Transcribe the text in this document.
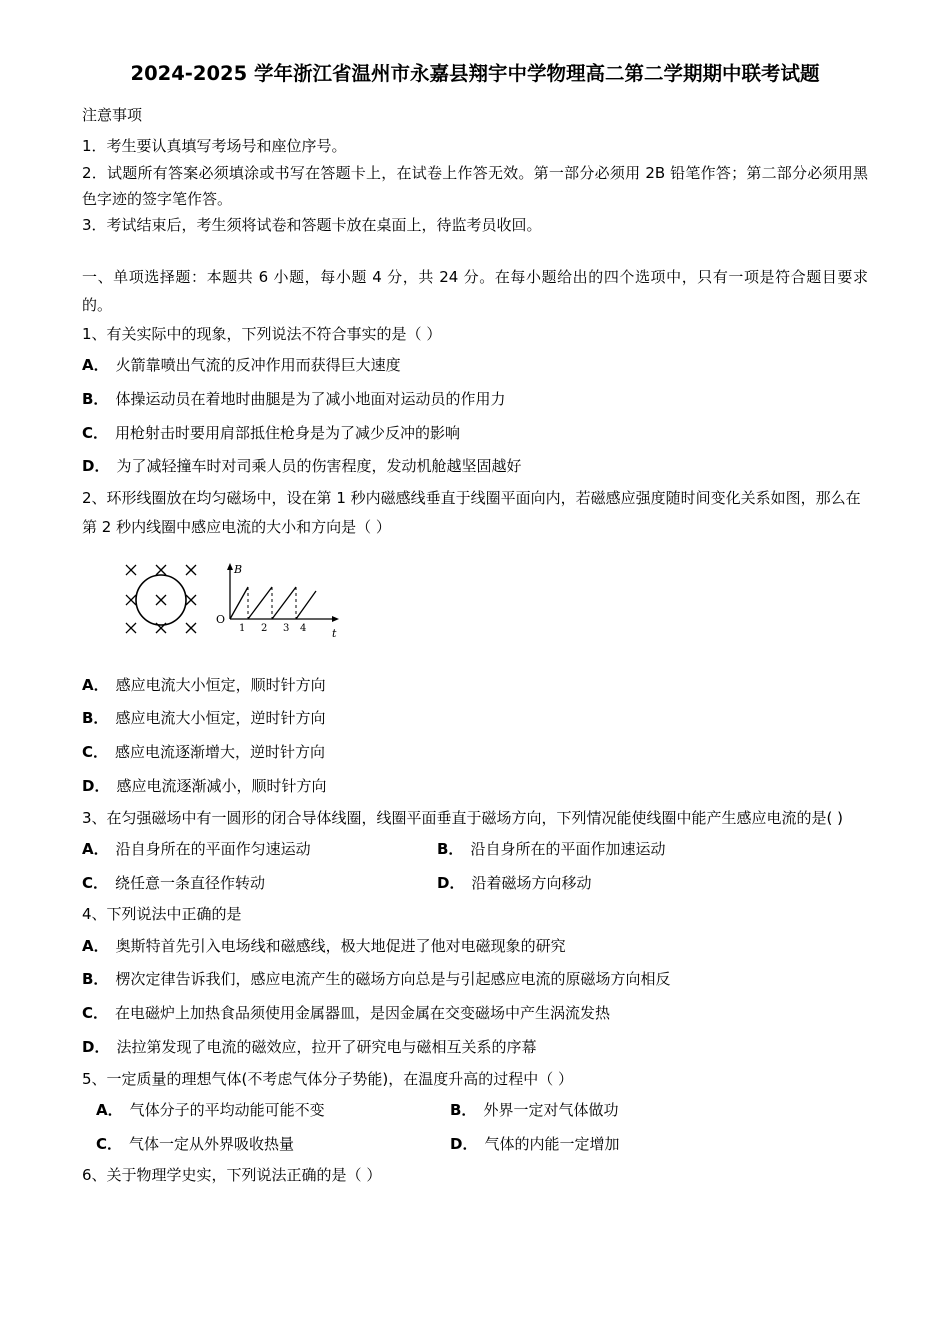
2024-2025 学年浙江省温州市永嘉县翔宇中学物理高二第二学期期中联考试题
注意事项
1．考生要认真填写考场号和座位序号。
2．试题所有答案必须填涂或书写在答题卡上，在试卷上作答无效。第一部分必须用 2B 铅笔作答；第二部分必须用黑色字迹的签字笔作答。
3．考试结束后，考生须将试卷和答题卡放在桌面上，待监考员收回。
一、单项选择题：本题共 6 小题，每小题 4 分，共 24 分。在每小题给出的四个选项中，只有一项是符合题目要求的。
1、有关实际中的现象，下列说法不符合事实的是（ ）
A． 火箭靠喷出气流的反冲作用而获得巨大速度
B． 体操运动员在着地时曲腿是为了减小地面对运动员的作用力
C． 用枪射击时要用肩部抵住枪身是为了减少反冲的影响
D． 为了减轻撞车时对司乘人员的伤害程度，发动机舱越坚固越好
2、环形线圈放在均匀磁场中，设在第 1 秒内磁感线垂直于线圈平面向内，若磁感应强度随时间变化关系如图，那么在
第 2 秒内线圈中感应电流的大小和方向是（ ）
B
O
1 2 3 4 t
A． 感应电流大小恒定，顺时针方向
B． 感应电流大小恒定，逆时针方向
C． 感应电流逐渐增大，逆时针方向
D． 感应电流逐渐减小，顺时针方向
3、在匀强磁场中有一圆形的闭合导体线圈，线圈平面垂直于磁场方向，下列情况能使线圈中能产生感应电流的是( )
A． 沿自身所在的平面作匀速运动	B． 沿自身所在的平面作加速运动
C． 绕任意一条直径作转动	D． 沿着磁场方向移动
4、下列说法中正确的是
A． 奥斯特首先引入电场线和磁感线，极大地促进了他对电磁现象的研究
B． 楞次定律告诉我们，感应电流产生的磁场方向总是与引起感应电流的原磁场方向相反
C． 在电磁炉上加热食品须使用金属器皿，是因金属在交变磁场中产生涡流发热
D． 法拉第发现了电流的磁效应，拉开了研究电与磁相互关系的序幕
5、一定质量的理想气体(不考虑气体分子势能)，在温度升高的过程中（ ）
A． 气体分子的平均动能可能不变	B． 外界一定对气体做功
C． 气体一定从外界吸收热量	D． 气体的内能一定增加
6、关于物理学史实，下列说法正确的是（ ）
